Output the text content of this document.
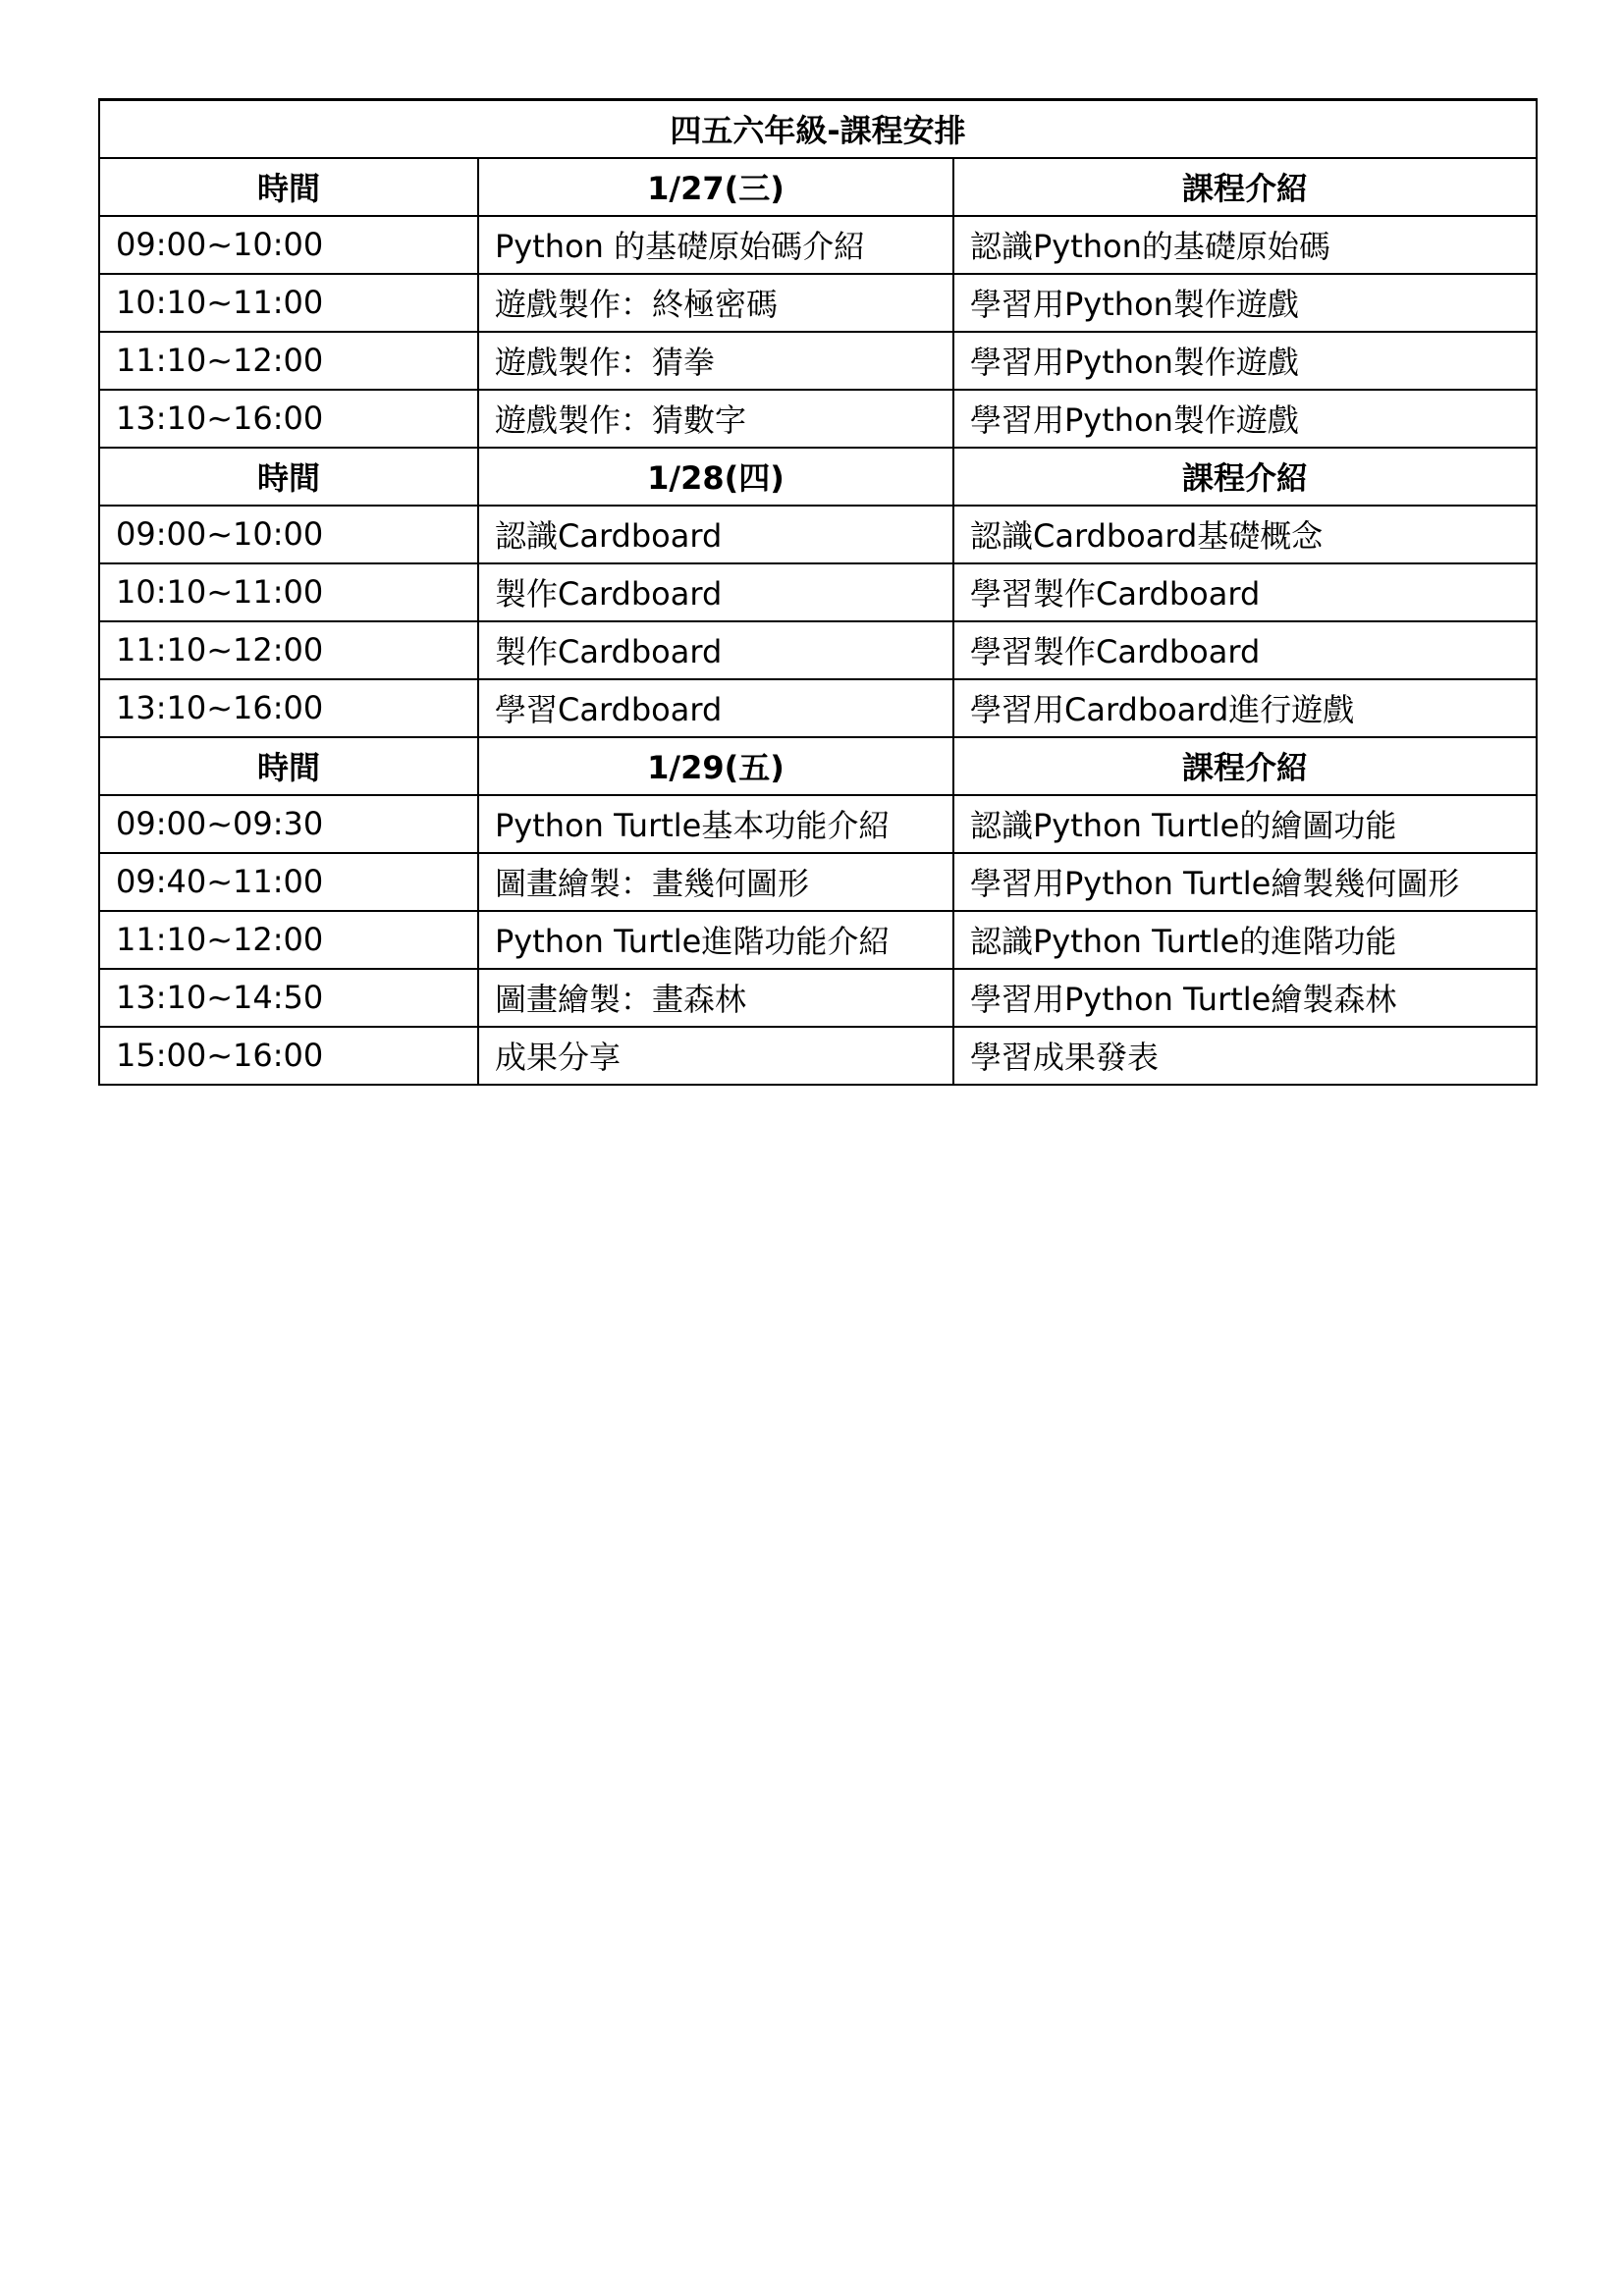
四五六年級-課程安排		
時間	1/27(三)	課程介紹
09:00~10:00	Python 的基礎原始碼介紹	認識Python的基礎原始碼
10:10~11:00	遊戲製作：終極密碼	學習用Python製作遊戲
11:10~12:00	遊戲製作：猜拳	學習用Python製作遊戲
13:10~16:00	遊戲製作：猜數字	學習用Python製作遊戲
時間	1/28(四)	課程介紹
09:00~10:00	認識Cardboard	認識Cardboard基礎概念
10:10~11:00	製作Cardboard	學習製作Cardboard
11:10~12:00	製作Cardboard	學習製作Cardboard
13:10~16:00	學習Cardboard	學習用Cardboard進行遊戲
時間	1/29(五)	課程介紹
09:00~09:30	Python Turtle基本功能介紹	認識Python Turtle的繪圖功能
09:40~11:00	圖畫繪製：畫幾何圖形	學習用Python Turtle繪製幾何圖形
11:10~12:00	Python Turtle進階功能介紹	認識Python Turtle的進階功能
13:10~14:50	圖畫繪製：畫森林	學習用Python Turtle繪製森林
15:00~16:00	成果分享	學習成果發表
